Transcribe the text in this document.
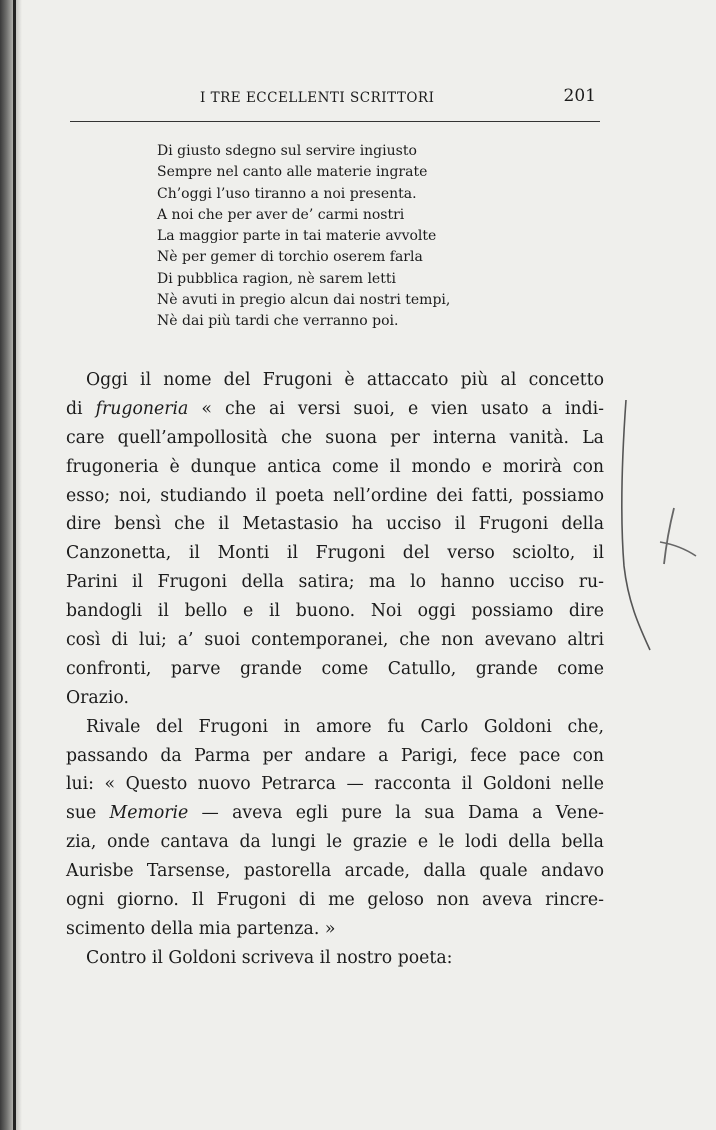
I TRE ECCELLENTI SCRITTORI	201
Di giusto sdegno sul servire ingiusto
Sempre nel canto alle materie ingrate
Ch’oggi l’uso tiranno a noi presenta.
A noi che per aver de’ carmi nostri
La maggior parte in tai materie avvolte
Nè per gemer di torchio oserem farla
Di pubblica ragion, nè sarem letti
Nè avuti in pregio alcun dai nostri tempi,
Nè dai più tardi che verranno poi.
Oggi il nome del Frugoni è attaccato più al concetto
di frugoneria « che ai versi suoi, e vien usato a indi-
care quell’ampollosità che suona per interna vanità. La
frugoneria è dunque antica come il mondo e morirà con
esso; noi, studiando il poeta nell’ordine dei fatti, possiamo
dire bensì che il Metastasio ha ucciso il Frugoni della
Canzonetta, il Monti il Frugoni del verso sciolto, il
Parini il Frugoni della satira; ma lo hanno ucciso ru-
bandogli il bello e il buono. Noi oggi possiamo dire
così di lui; a’ suoi contemporanei, che non avevano altri
confronti, parve grande come Catullo, grande come
Orazio.
Rivale del Frugoni in amore fu Carlo Goldoni che,
passando da Parma per andare a Parigi, fece pace con
lui: « Questo nuovo Petrarca — racconta il Goldoni nelle
sue Memorie — aveva egli pure la sua Dama a Vene-
zia, onde cantava da lungi le grazie e le lodi della bella
Aurisbe Tarsense, pastorella arcade, dalla quale andavo
ogni giorno. Il Frugoni di me geloso non aveva rincre-
scimento della mia partenza. »
Contro il Goldoni scriveva il nostro poeta:
